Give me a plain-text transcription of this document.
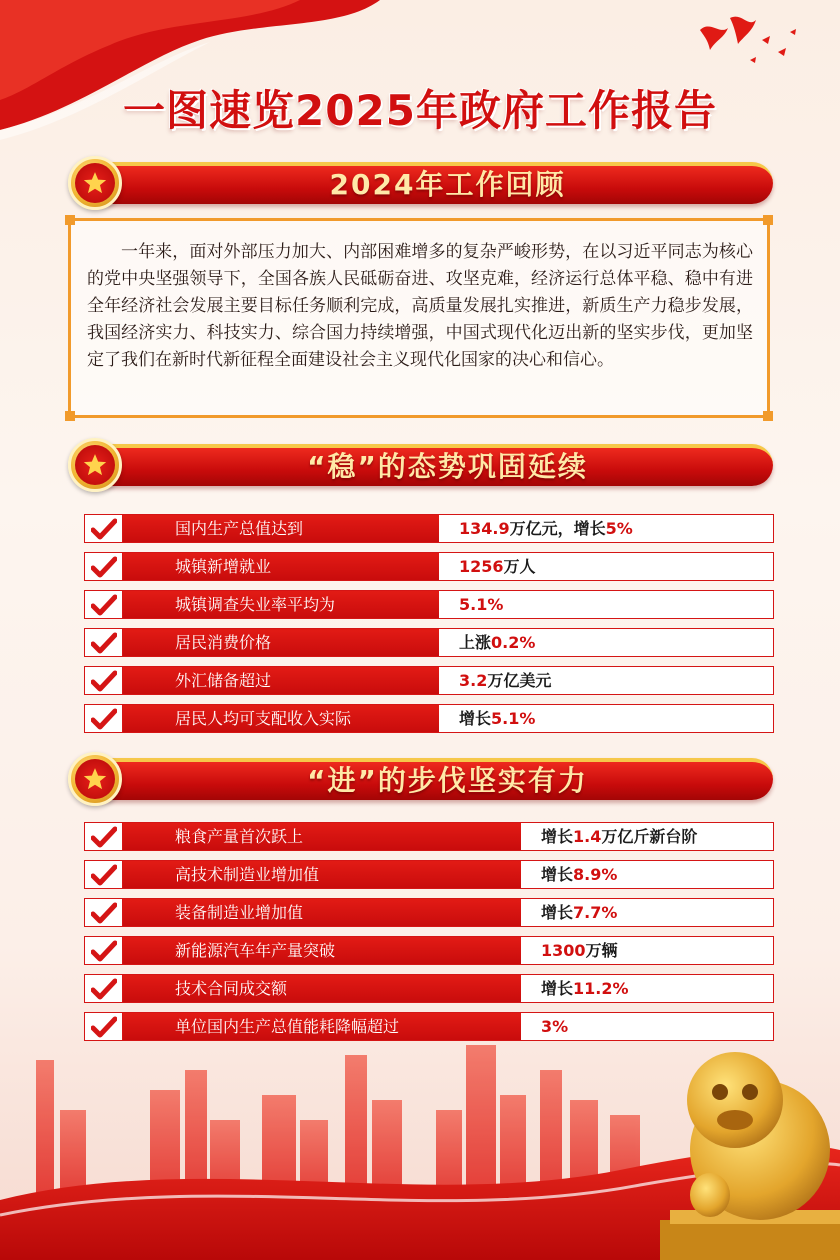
一图速览2025年政府工作报告
2024年工作回顾

一年来，面对外部压力加大、内部困难增多的复杂严峻形势，在以习近平同志为核心的党中央坚强领导下，全国各族人民砥砺奋进、攻坚克难，经济运行总体平稳、稳中有进全年经济社会发展主要目标任务顺利完成，高质量发展扎实推进，新质生产力稳步发展，我国经济实力、科技实力、综合国力持续增强，中国式现代化迈出新的坚实步伐，更加坚定了我们在新时代新征程全面建设社会主义现代化国家的决心和信心。

“稳”的态势巩固延续
国内生产总值达到	134.9万亿元，增长5%
城镇新增就业	1256万人
城镇调查失业率平均为	5.1%
居民消费价格	上涨0.2%
外汇储备超过	3.2万亿美元
居民人均可支配收入实际	增长5.1%
“进”的步伐坚实有力
粮食产量首次跃上	增长1.4万亿斤新台阶
高技术制造业增加值	增长8.9%
装备制造业增加值	增长7.7%
新能源汽车年产量突破	1300万辆
技术合同成交额	增长11.2%
单位国内生产总值能耗降幅超过	3%
